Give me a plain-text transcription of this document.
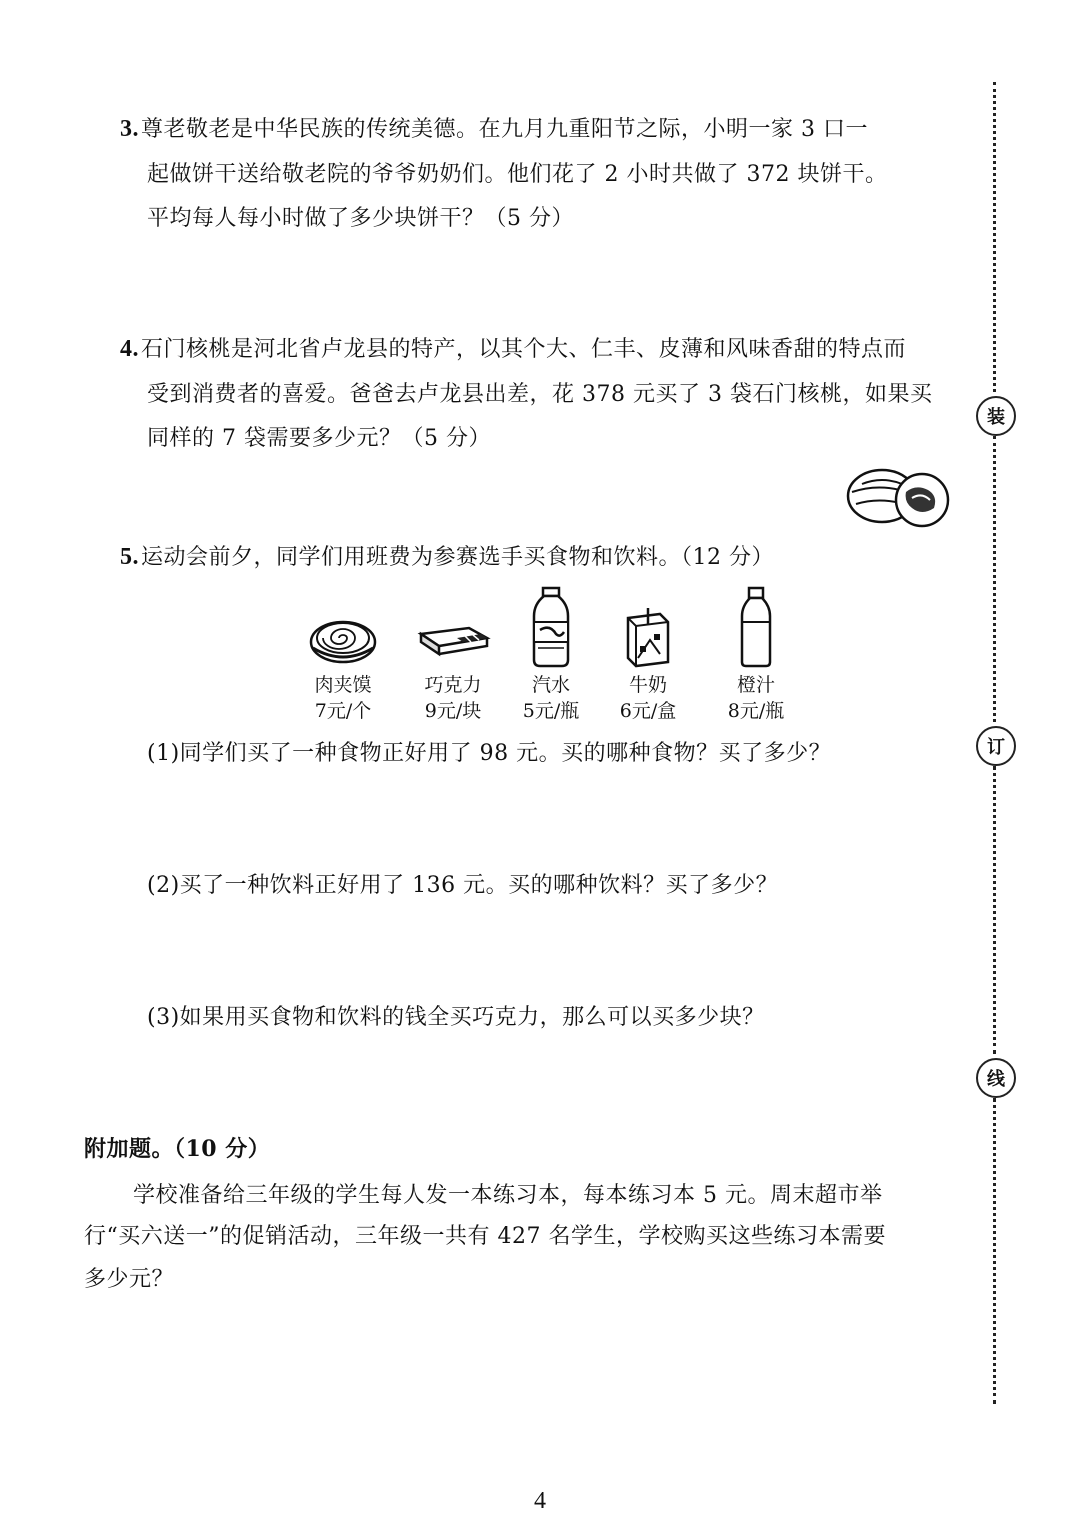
3.尊老敬老是中华民族的传统美德。在九月九重阳节之际，小明一家 3 口一
起做饼干送给敬老院的爷爷奶奶们。他们花了 2 小时共做了 372 块饼干。
平均每人每小时做了多少块饼干？（5 分）
4.石门核桃是河北省卢龙县的特产，以其个大、仁丰、皮薄和风味香甜的特点而
受到消费者的喜爱。爸爸去卢龙县出差，花 378 元买了 3 袋石门核桃，如果买
同样的 7 袋需要多少元？（5 分）
5.运动会前夕，同学们用班费为参赛选手买食物和饮料。（12 分）
肉夹馍
7元/个
巧克力
9元/块
汽水
5元/瓶
牛奶
6元/盒
橙汁
8元/瓶
(1)同学们买了一种食物正好用了 98 元。买的哪种食物？买了多少？
(2)买了一种饮料正好用了 136 元。买的哪种饮料？买了多少？
(3)如果用买食物和饮料的钱全买巧克力，那么可以买多少块？
附加题。（10 分）
学校准备给三年级的学生每人发一本练习本，每本练习本 5 元。周末超市举
行“买六送一”的促销活动，三年级一共有 427 名学生，学校购买这些练习本需要
多少元？
装
订
线
4
